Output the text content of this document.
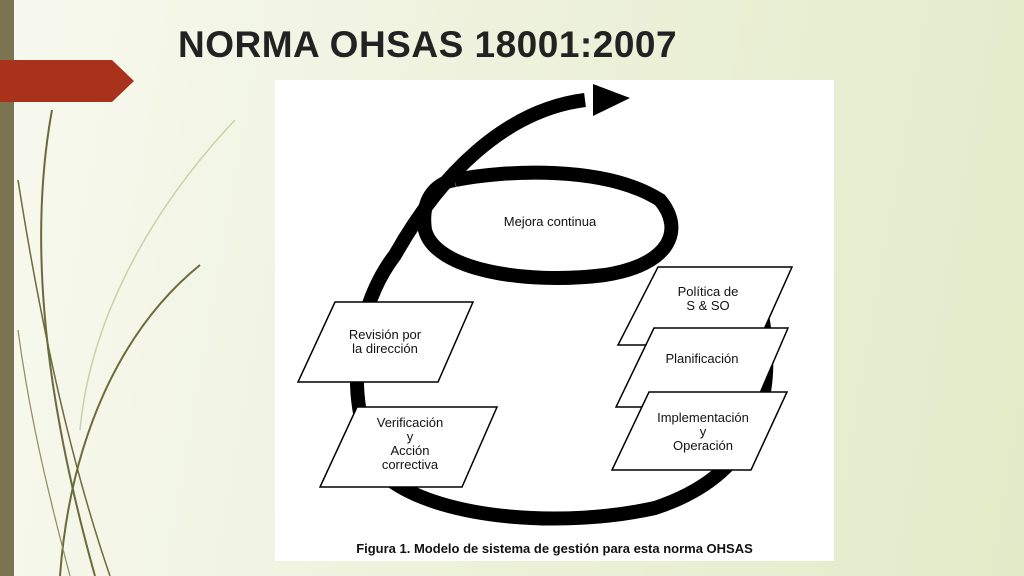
NORMA OHSAS 18001:2007
Mejora continua
Revisión por
la dirección
Verificación
y
Acción
correctiva
Política de
S & SO
Planificación
Implementación
y
Operación
Figura 1. Modelo de sistema de gestión para esta norma OHSAS
